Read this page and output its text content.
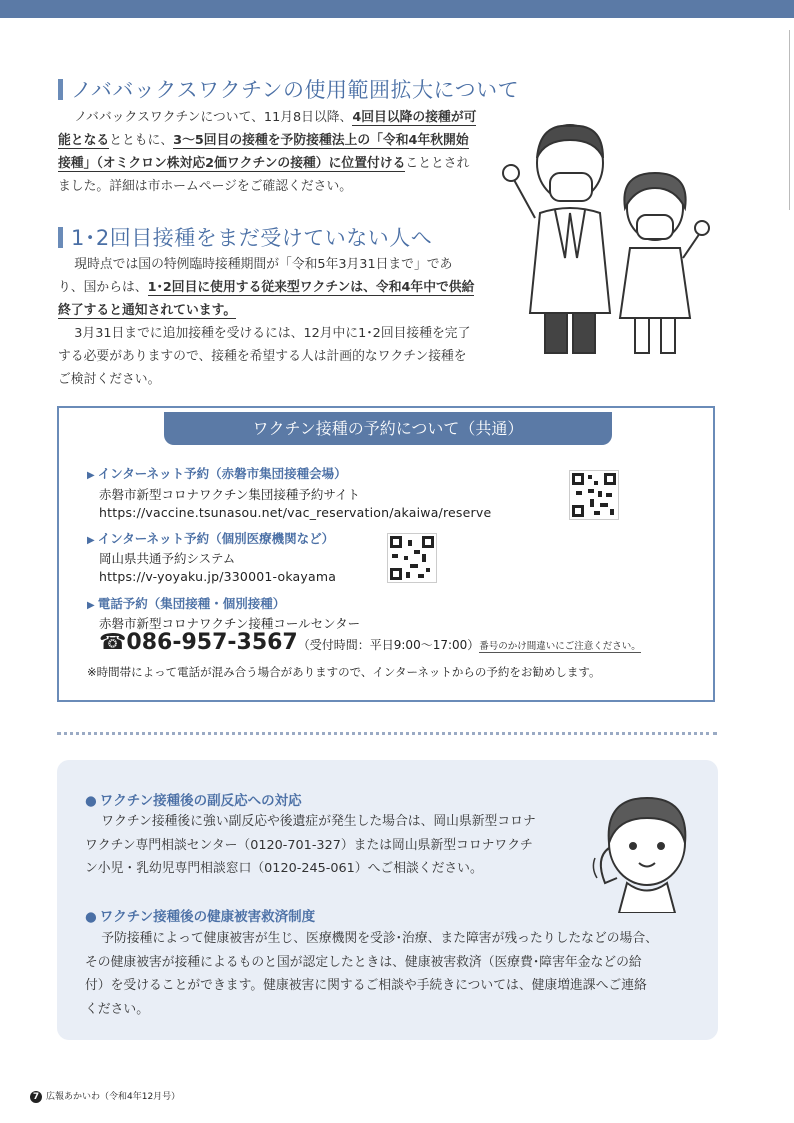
ノババックスワクチンの使用範囲拡大について
ノババックスワクチンについて、11月8日以降、4回目以降の接種が可
能となるとともに、3～5回目の接種を予防接種法上の「令和4年秋開始
接種」（オミクロン株対応2価ワクチンの接種）に位置付けることとされ
ました。詳細は市ホームページをご確認ください。
1･2回目接種をまだ受けていない人へ
現時点では国の特例臨時接種期間が「令和5年3月31日まで」であ
り、国からは、1･2回目に使用する従来型ワクチンは、令和4年中で供給
終了すると通知されています。
3月31日までに追加接種を受けるには、12月中に1･2回目接種を完了
する必要がありますので、接種を希望する人は計画的なワクチン接種を
ご検討ください。
ワクチン接種の予約について（共通）
▶ インターネット予約（赤磐市集団接種会場）
赤磐市新型コロナワクチン集団接種予約サイト
https://vaccine.tsunasou.net/vac_reservation/akaiwa/reserve
▶ インターネット予約（個別医療機関など）
岡山県共通予約システム
https://v-yoyaku.jp/330001-okayama
▶ 電話予約（集団接種・個別接種）
赤磐市新型コロナワクチン接種コールセンター
☎086-957-3567（受付時間：平日9:00～17:00）番号のかけ間違いにご注意ください。
※時間帯によって電話が混み合う場合がありますので、インターネットからの予約をお勧めします。
● ワクチン接種後の副反応への対応
ワクチン接種後に強い副反応や後遺症が発生した場合は、岡山県新型コロナ
ワクチン専門相談センター（0120-701-327）または岡山県新型コロナワクチ
ン小児・乳幼児専門相談窓口（0120-245-061）へご相談ください。
● ワクチン接種後の健康被害救済制度
予防接種によって健康被害が生じ、医療機関を受診･治療、また障害が残ったりしたなどの場合、
その健康被害が接種によるものと国が認定したときは、健康被害救済（医療費･障害年金などの給
付）を受けることができます。健康被害に関するご相談や手続きについては、健康増進課へご連絡
ください。
7 広報あかいわ（令和4年12月号）
